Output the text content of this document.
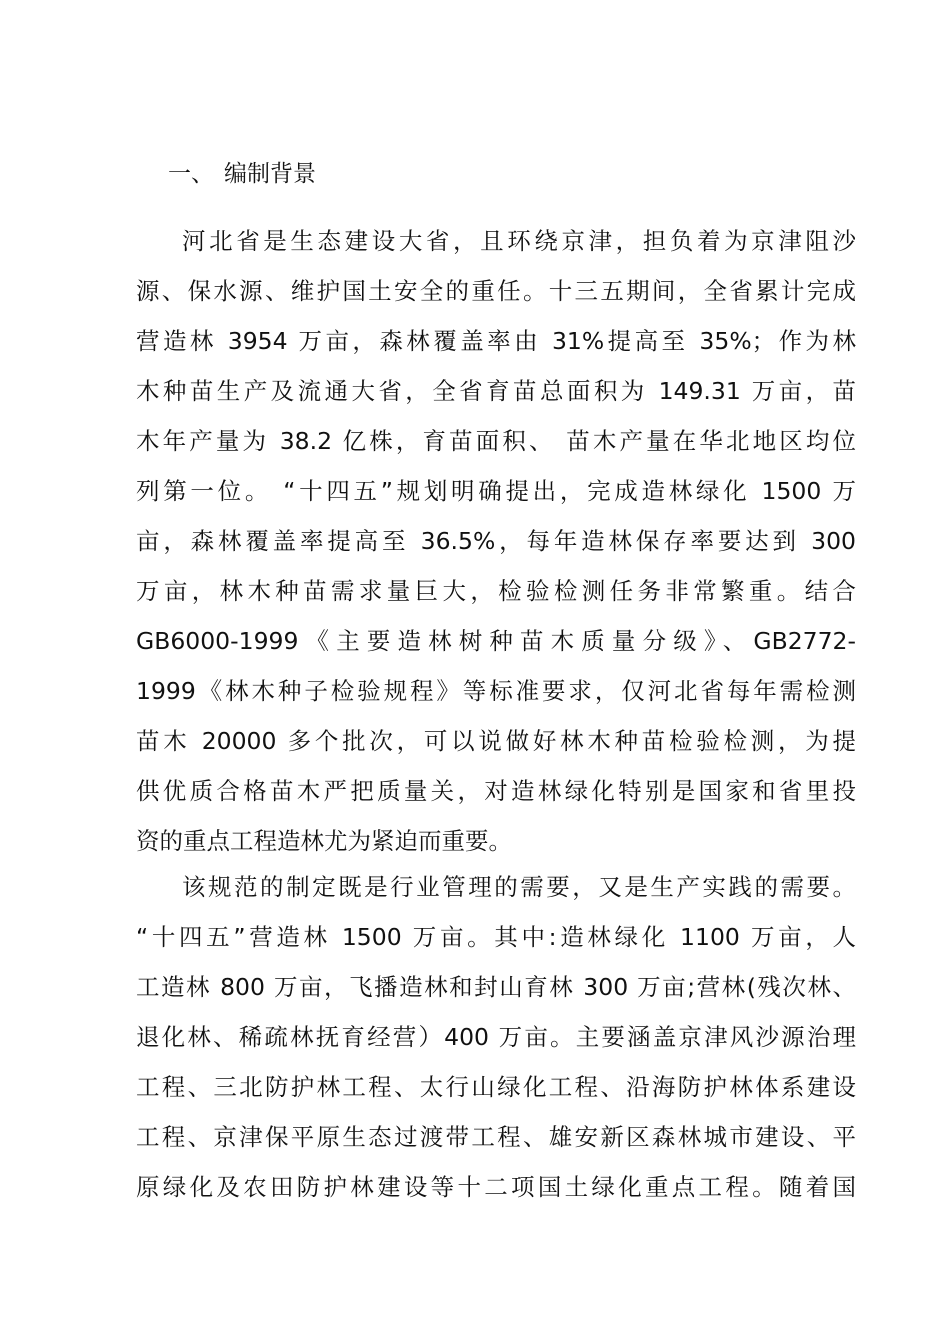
一、 编制背景
河北省是生态建设大省，且环绕京津，担负着为京津阻沙
源、保水源、维护国土安全的重任。十三五期间，全省累计完成
营造林 3954 万亩，森林覆盖率由 31%提高至 35%；作为林
木种苗生产及流通大省，全省育苗总面积为 149.31 万亩，苗
木年产量为 38.2 亿株，育苗面积、 苗木产量在华北地区均位
列第一位。 “十四五”规划明确提出，完成造林绿化 1500 万
亩，森林覆盖率提高至 36.5%，每年造林保存率要达到 300
万亩，林木种苗需求量巨大，检验检测任务非常繁重。结合
GB6000-1999《主要造林树种苗木质量分级》、GB2772-
1999《林木种子检验规程》等标准要求，仅河北省每年需检测
苗木 20000 多个批次，可以说做好林木种苗检验检测，为提
供优质合格苗木严把质量关，对造林绿化特别是国家和省里投
资的重点工程造林尤为紧迫而重要。
该规范的制定既是行业管理的需要，又是生产实践的需要。
“十四五”营造林 1500 万亩。其中:造林绿化 1100 万亩，人
工造林 800 万亩，飞播造林和封山育林 300 万亩;营林(残次林、
退化林、稀疏林抚育经营）400 万亩。主要涵盖京津风沙源治理
工程、三北防护林工程、太行山绿化工程、沿海防护林体系建设
工程、京津保平原生态过渡带工程、雄安新区森林城市建设、平
原绿化及农田防护林建设等十二项国土绿化重点工程。随着国
